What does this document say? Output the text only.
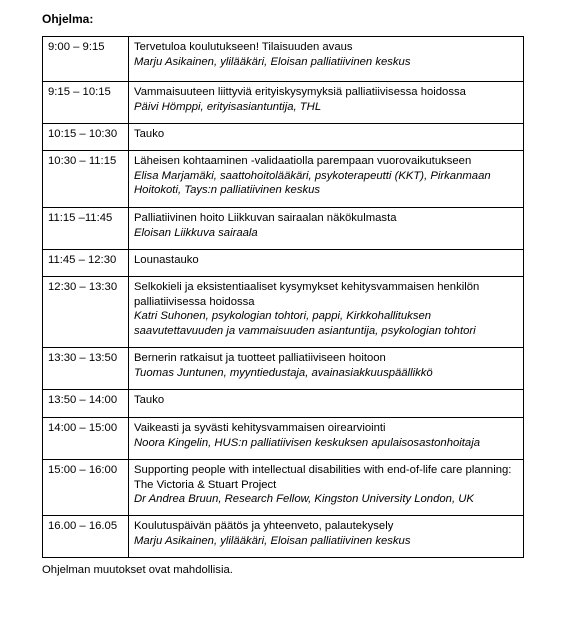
Ohjelma:
9:00 – 9:15	Tervetuloa koulutukseen! Tilaisuuden avaus
Marju Asikainen, ylilääkäri, Eloisan palliatiivinen keskus

9:15 – 10:15	Vammaisuuteen liittyviä erityiskysymyksiä palliatiivisessa hoidossa
Päivi Hömppi, erityisasiantuntija, THL

10:15 – 10:30	Tauko

10:30 – 11:15	Läheisen kohtaaminen -validaatiolla parempaan vuorovaikutukseen
Elisa Marjamäki, saattohoitolääkäri, psykoterapeutti (KKT), Pirkanmaan Hoitokoti, Tays:n palliatiivinen keskus

11:15 –11:45	Palliatiivinen hoito Liikkuvan sairaalan näkökulmasta
Eloisan Liikkuva sairaala

11:45 – 12:30	Lounastauko

12:30 – 13:30	Selkokieli ja eksistentiaaliset kysymykset kehitysvammaisen henkilön palliatiivisessa hoidossa
Katri Suhonen, psykologian tohtori, pappi, Kirkkohallituksen saavutettavuuden ja vammaisuuden asiantuntija, psykologian tohtori

13:30 – 13:50	Bernerin ratkaisut ja tuotteet palliatiiviseen hoitoon
Tuomas Juntunen, myyntiedustaja, avainasiakkuuspäällikkö

13:50 – 14:00	Tauko

14:00 – 15:00	Vaikeasti ja syvästi kehitysvammaisen oirearviointi
Noora Kingelin, HUS:n palliatiivisen keskuksen apulaisosastonhoitaja

15:00 – 16:00	Supporting people with intellectual disabilities with end-of-life care planning: The Victoria & Stuart Project
Dr Andrea Bruun, Research Fellow, Kingston University London, UK

16.00 – 16.05	Koulutuspäivän päätös ja yhteenveto, palautekysely
Marju Asikainen, ylilääkäri, Eloisan palliatiivinen keskus
Ohjelman muutokset ovat mahdollisia.
